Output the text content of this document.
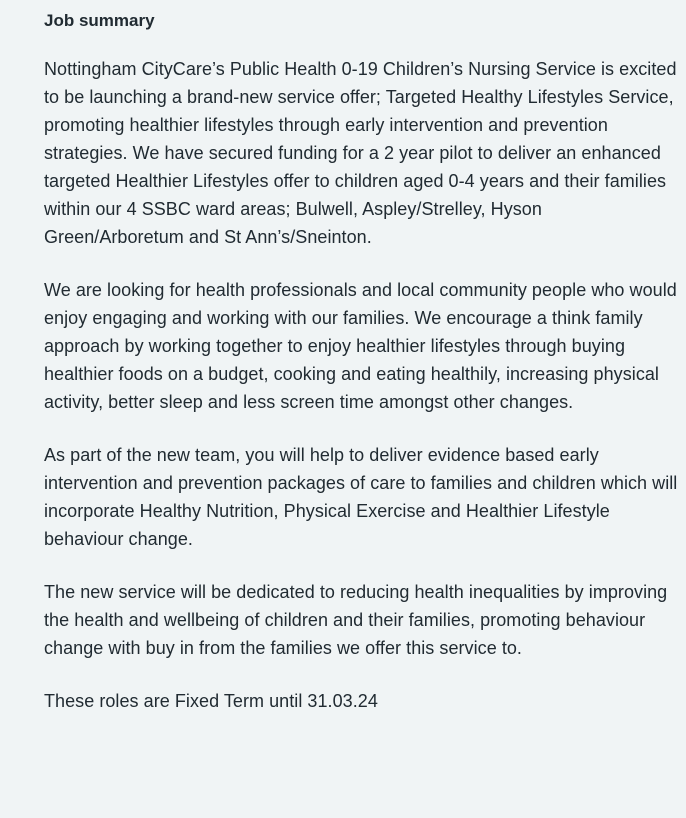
Job summary

Nottingham CityCare’s Public Health 0-19 Children’s Nursing Service is excited to be launching a brand-new service offer; Targeted Healthy Lifestyles Service, promoting healthier lifestyles through early intervention and prevention strategies. We have secured funding for a 2 year pilot to deliver an enhanced targeted Healthier Lifestyles offer to children aged 0-4 years and their families within our 4 SSBC ward areas; Bulwell, Aspley/Strelley, Hyson Green/Arboretum and St Ann’s/Sneinton.

We are looking for health professionals and local community people who would enjoy engaging and working with our families. We encourage a think family approach by working together to enjoy healthier lifestyles through buying healthier foods on a budget, cooking and eating healthily, increasing physical activity, better sleep and less screen time amongst other changes.

As part of the new team, you will help to deliver evidence based early intervention and prevention packages of care to families and children which will incorporate Healthy Nutrition, Physical Exercise and Healthier Lifestyle behaviour change.

The new service will be dedicated to reducing health inequalities by improving the health and wellbeing of children and their families, promoting behaviour change with buy in from the families we offer this service to.

These roles are Fixed Term until 31.03.24
